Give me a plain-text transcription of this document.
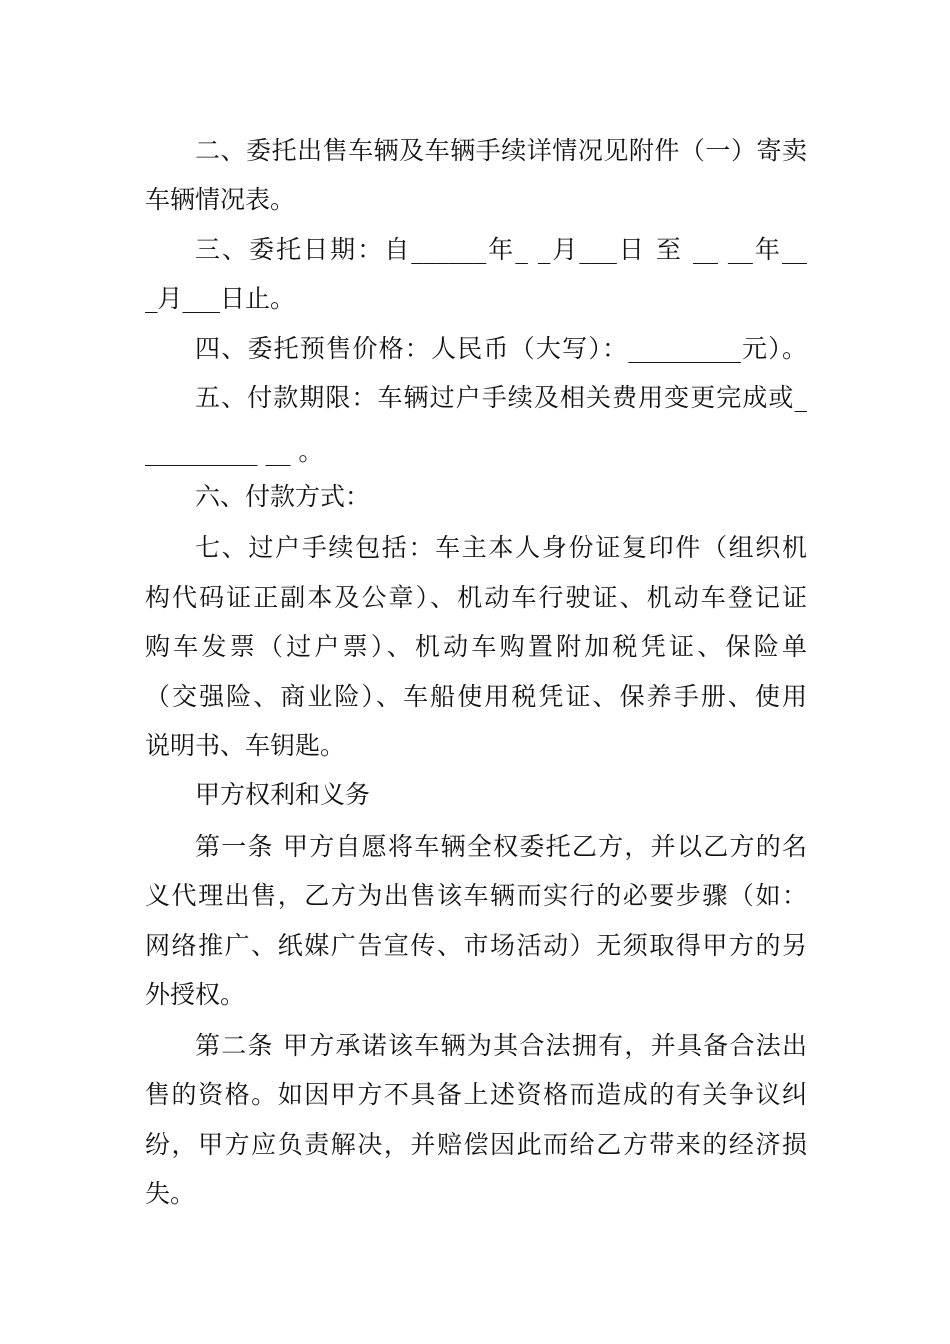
二、委托出售车辆及车辆手续详情况见附件（一）寄卖
车辆情况表。
三、委托日期：自______年_ _月___日 至 __ __年__
_月___日止。
四、委托预售价格：人民币（大写）：_________元）。
五、付款期限：车辆过户手续及相关费用变更完成或_
_________ __ 。
六、付款方式：
七、过户手续包括：车主本人身份证复印件（组织机
构代码证正副本及公章）、机动车行驶证、机动车登记证
购车发票（过户票）、机动车购置附加税凭证、保险单
（交强险、商业险）、车船使用税凭证、保养手册、使用
说明书、车钥匙。
甲方权利和义务
第一条 甲方自愿将车辆全权委托乙方，并以乙方的名
义代理出售，乙方为出售该车辆而实行的必要步骤（如：
网络推广、纸媒广告宣传、市场活动）无须取得甲方的另
外授权。
第二条 甲方承诺该车辆为其合法拥有，并具备合法出
售的资格。如因甲方不具备上述资格而造成的有关争议纠
纷，甲方应负责解决，并赔偿因此而给乙方带来的经济损
失。
